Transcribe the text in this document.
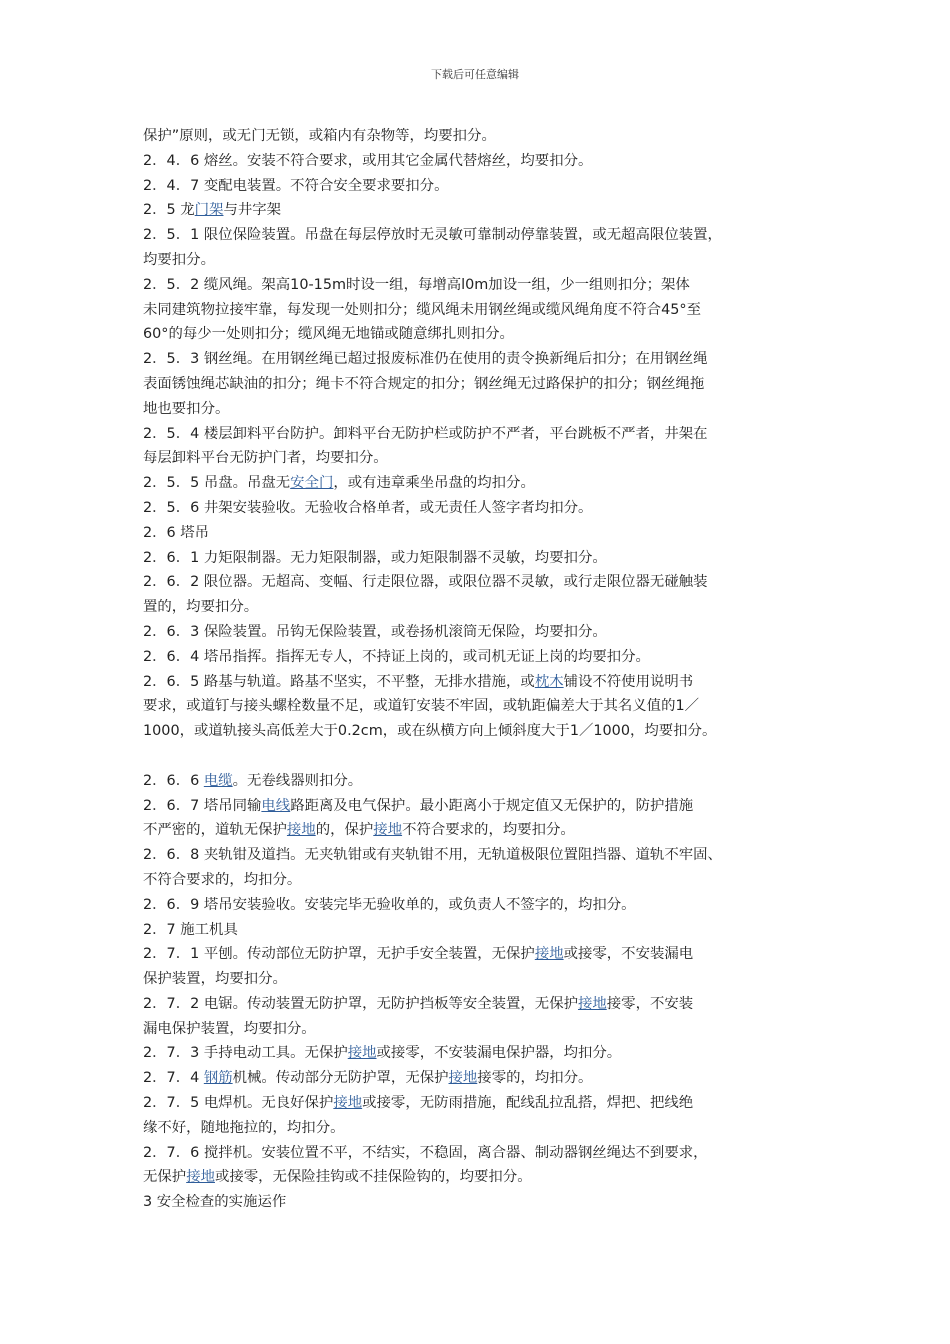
下载后可任意编辑
保护”原则，或无门无锁，或箱内有杂物等，均要扣分。
2．4．6 熔丝。安装不符合要求，或用其它金属代替熔丝，均要扣分。
2．4．7 变配电装置。不符合安全要求要扣分。
2．5 龙门架与井字架
2．5．1 限位保险装置。吊盘在每层停放时无灵敏可靠制动停靠装置，或无超高限位装置，
均要扣分。
2．5．2 缆风绳。架高10-15m时设一组，每增高l0m加设一组，少一组则扣分；架体
未同建筑物拉接牢靠，每发现一处则扣分；缆风绳未用钢丝绳或缆风绳角度不符合45°至
60°的每少一处则扣分；缆风绳无地锚或随意绑扎则扣分。
2．5．3 钢丝绳。在用钢丝绳已超过报废标准仍在使用的责令换新绳后扣分；在用钢丝绳
表面锈蚀绳芯缺油的扣分；绳卡不符合规定的扣分；钢丝绳无过路保护的扣分；钢丝绳拖
地也要扣分。
2．5．4 楼层卸料平台防护。卸料平台无防护栏或防护不严者，平台跳板不严者，井架在
每层卸料平台无防护门者，均要扣分。
2．5．5 吊盘。吊盘无安全门，或有违章乘坐吊盘的均扣分。
2．5．6 井架安装验收。无验收合格单者，或无责任人签字者均扣分。
2．6 塔吊
2．6．1 力矩限制器。无力矩限制器，或力矩限制器不灵敏，均要扣分。
2．6．2 限位器。无超高、变幅、行走限位器，或限位器不灵敏，或行走限位器无碰触装
置的，均要扣分。
2．6．3 保险装置。吊钩无保险装置，或卷扬机滚筒无保险，均要扣分。
2．6．4 塔吊指挥。指挥无专人，不持证上岗的，或司机无证上岗的均要扣分。
2．6．5 路基与轨道。路基不坚实，不平整，无排水措施，或枕木铺设不符使用说明书
要求，或道钉与接头螺栓数量不足，或道钉安装不牢固，或轨距偏差大于其名义值的1／
1000，或道轨接头高低差大于0.2cm，或在纵横方向上倾斜度大于1／1000，均要扣分。
2．6．6 电缆。无卷线器则扣分。
2．6．7 塔吊同输电线路距离及电气保护。最小距离小于规定值又无保护的，防护措施
不严密的，道轨无保护接地的，保护接地不符合要求的，均要扣分。
2．6．8 夹轨钳及道挡。无夹轨钳或有夹轨钳不用，无轨道极限位置阻挡器、道轨不牢固、
不符合要求的，均扣分。
2．6．9 塔吊安装验收。安装完毕无验收单的，或负责人不签字的，均扣分。
2．7 施工机具
2．7．1 平刨。传动部位无防护罩，无护手安全装置，无保护接地或接零，不安装漏电
保护装置，均要扣分。
2．7．2 电锯。传动装置无防护罩，无防护挡板等安全装置，无保护接地接零，不安装
漏电保护装置，均要扣分。
2．7．3 手持电动工具。无保护接地或接零，不安装漏电保护器，均扣分。
2．7．4 钢筋机械。传动部分无防护罩，无保护接地接零的，均扣分。
2．7．5 电焊机。无良好保护接地或接零，无防雨措施，配线乱拉乱搭，焊把、把线绝
缘不好，随地拖拉的，均扣分。
2．7．6 搅拌机。安装位置不平，不结实，不稳固，离合器、制动器钢丝绳达不到要求，
无保护接地或接零，无保险挂钩或不挂保险钩的，均要扣分。
3 安全检查的实施运作
